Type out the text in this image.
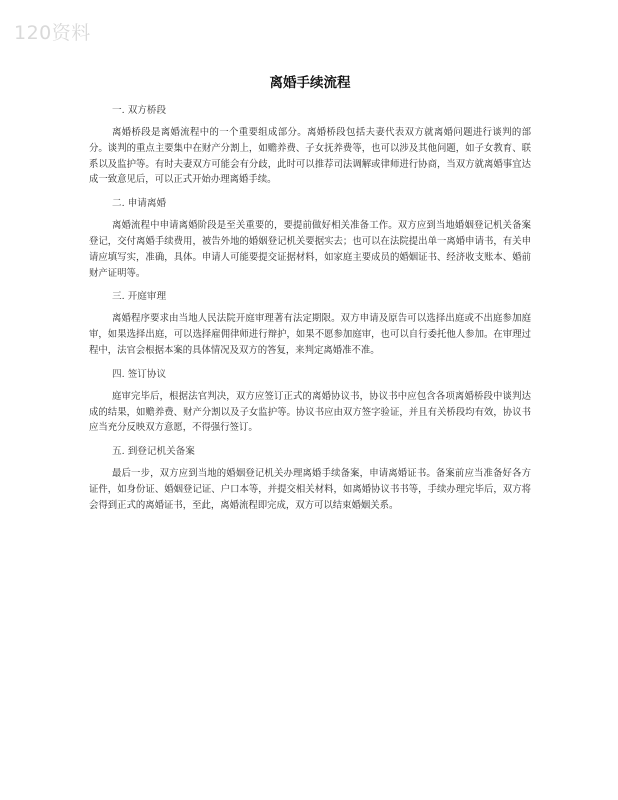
120资料
离婚手续流程
一. 双方桥段

离婚桥段是离婚流程中的一个重要组成部分。离婚桥段包括夫妻代表双方就离婚问题进行谈判的部分。谈判的重点主要集中在财产分割上，如赡养费、子女抚养费等，也可以涉及其他问题，如子女教育、联系以及监护等。有时夫妻双方可能会有分歧，此时可以推荐司法调解或律师进行协商，当双方就离婚事宜达成一致意见后，可以正式开始办理离婚手续。

二. 申请离婚

离婚流程中申请离婚阶段是至关重要的，要提前做好相关准备工作。双方应到当地婚姻登记机关备案登记，交付离婚手续费用，被告外地的婚姻登记机关要据实去；也可以在法院提出单一离婚申请书，有关申请应填写实，准确，具体。申请人可能要提交证据材料，如家庭主要成员的婚姻证书、经济收支账本、婚前财产证明等。

三. 开庭审理

离婚程序要求由当地人民法院开庭审理著有法定期限。双方申请及原告可以选择出庭或不出庭参加庭审，如果选择出庭，可以选择雇佣律师进行辩护，如果不愿参加庭审，也可以自行委托他人参加。在审理过程中，法官会根据本案的具体情况及双方的答复，来判定离婚准不准。

四. 签订协议

庭审完毕后，根据法官判决，双方应签订正式的离婚协议书，协议书中应包含各项离婚桥段中谈判达成的结果，如赡养费、财产分割以及子女监护等。协议书应由双方签字验证，并且有关桥段均有效，协议书应当充分反映双方意愿，不得强行签订。

五. 到登记机关备案

最后一步，双方应到当地的婚姻登记机关办理离婚手续备案，申请离婚证书。备案前应当准备好各方证件，如身份证、婚姻登记证、户口本等，并提交相关材料，如离婚协议书书等，手续办理完毕后，双方将会得到正式的离婚证书，至此，离婚流程即完成，双方可以结束婚姻关系。
